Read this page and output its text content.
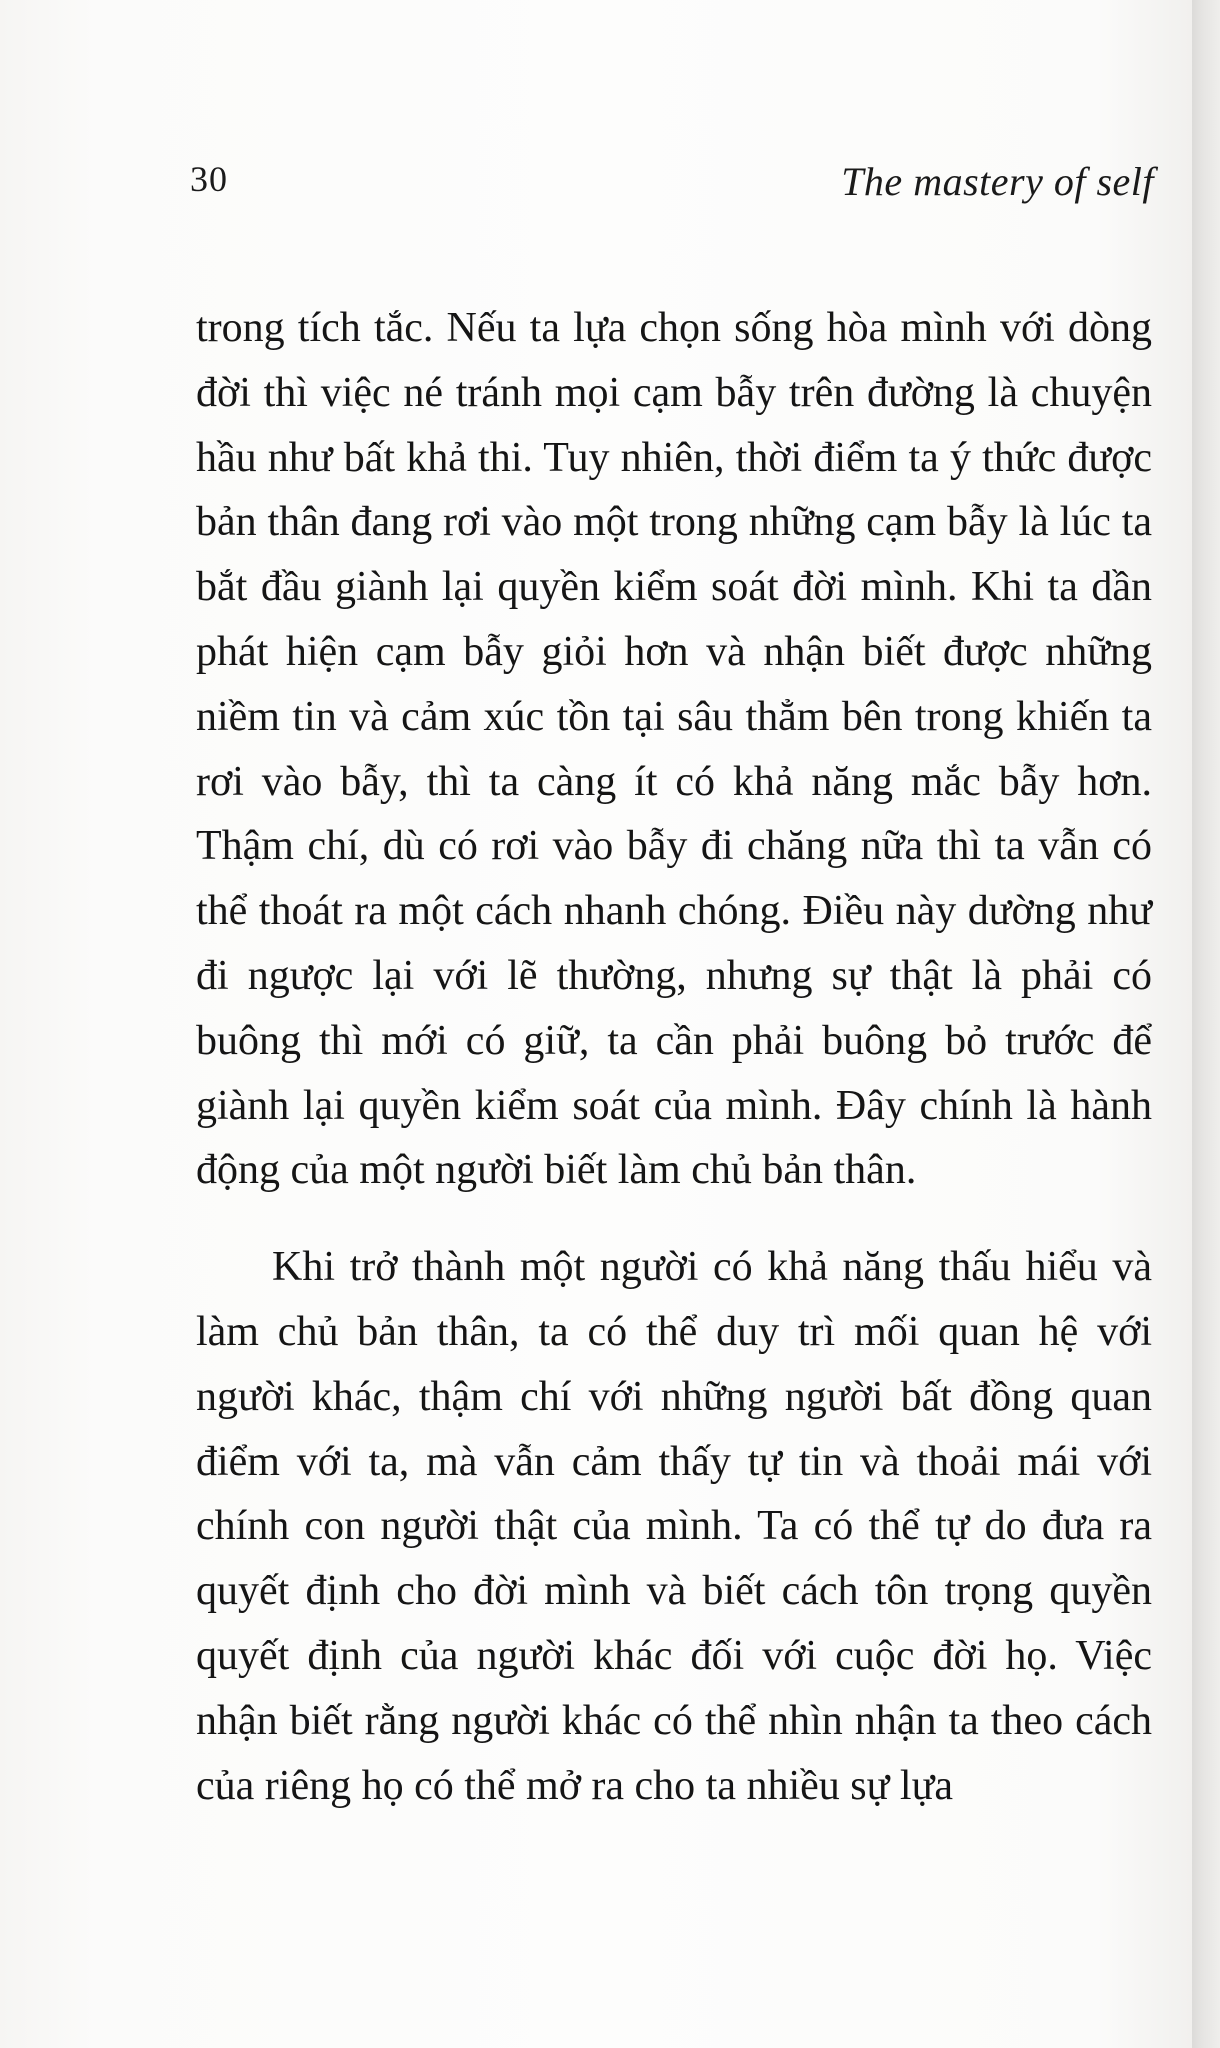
30	The mastery of self

trong tích tắc. Nếu ta lựa chọn sống hòa mình với dòng đời thì việc né tránh mọi cạm bẫy trên đường là chuyện hầu như bất khả thi. Tuy nhiên, thời điểm ta ý thức được bản thân đang rơi vào một trong những cạm bẫy là lúc ta bắt đầu giành lại quyền kiểm soát đời mình. Khi ta dần phát hiện cạm bẫy giỏi hơn và nhận biết được những niềm tin và cảm xúc tồn tại sâu thẳm bên trong khiến ta rơi vào bẫy, thì ta càng ít có khả năng mắc bẫy hơn. Thậm chí, dù có rơi vào bẫy đi chăng nữa thì ta vẫn có thể thoát ra một cách nhanh chóng. Điều này dường như đi ngược lại với lẽ thường, nhưng sự thật là phải có buông thì mới có giữ, ta cần phải buông bỏ trước để giành lại quyền kiểm soát của mình. Đây chính là hành động của một người biết làm chủ bản thân.

Khi trở thành một người có khả năng thấu hiểu và làm chủ bản thân, ta có thể duy trì mối quan hệ với người khác, thậm chí với những người bất đồng quan điểm với ta, mà vẫn cảm thấy tự tin và thoải mái với chính con người thật của mình. Ta có thể tự do đưa ra quyết định cho đời mình và biết cách tôn trọng quyền quyết định của người khác đối với cuộc đời họ. Việc nhận biết rằng người khác có thể nhìn nhận ta theo cách của riêng họ có thể mở ra cho ta nhiều sự lựa
